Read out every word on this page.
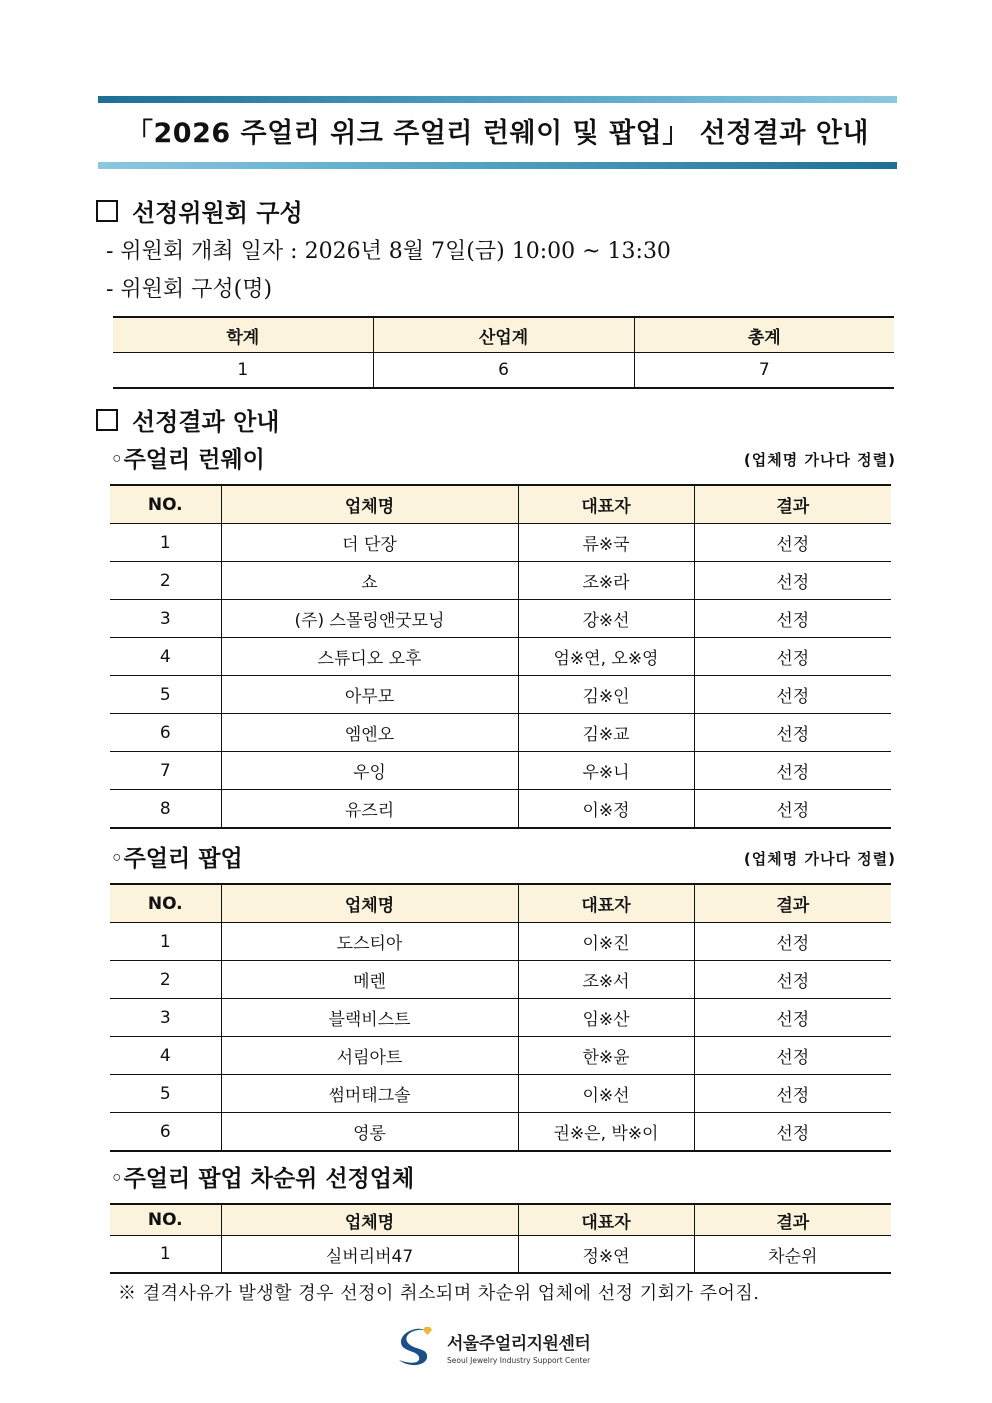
「2026 주얼리 위크 주얼리 런웨이 및 팝업」 선정결과 안내
선정위원회 구성
- 위원회 개최 일자 : 2026년 8월 7일(금) 10:00 ~ 13:30
- 위원회 구성(명)
학계	산업계	총계
1	6	7
선정결과 안내
◦주얼리 런웨이	(업체명 가나다 정렬)
NO.	업체명	대표자	결과
1	더 단장	류※국	선정
2	쇼	조※라	선정
3	(주) 스몰링앤굿모닝	강※선	선정
4	스튜디오 오후	엄※연, 오※영	선정
5	아무모	김※인	선정
6	엠엔오	김※교	선정
7	우잉	우※니	선정
8	유즈리	이※정	선정
◦주얼리 팝업	(업체명 가나다 정렬)
NO.	업체명	대표자	결과
1	도스티아	이※진	선정
2	메렌	조※서	선정
3	블랙비스트	임※산	선정
4	서림아트	한※윤	선정
5	썸머태그솔	이※선	선정
6	영롱	권※은, 박※이	선정
◦주얼리 팝업 차순위 선정업체
NO.	업체명	대표자	결과
1	실버리버47	정※연	차순위
※ 결격사유가 발생할 경우 선정이 취소되며 차순위 업체에 선정 기회가 주어짐.
서울주얼리지원센터
Seoul Jewelry Industry Support Center
